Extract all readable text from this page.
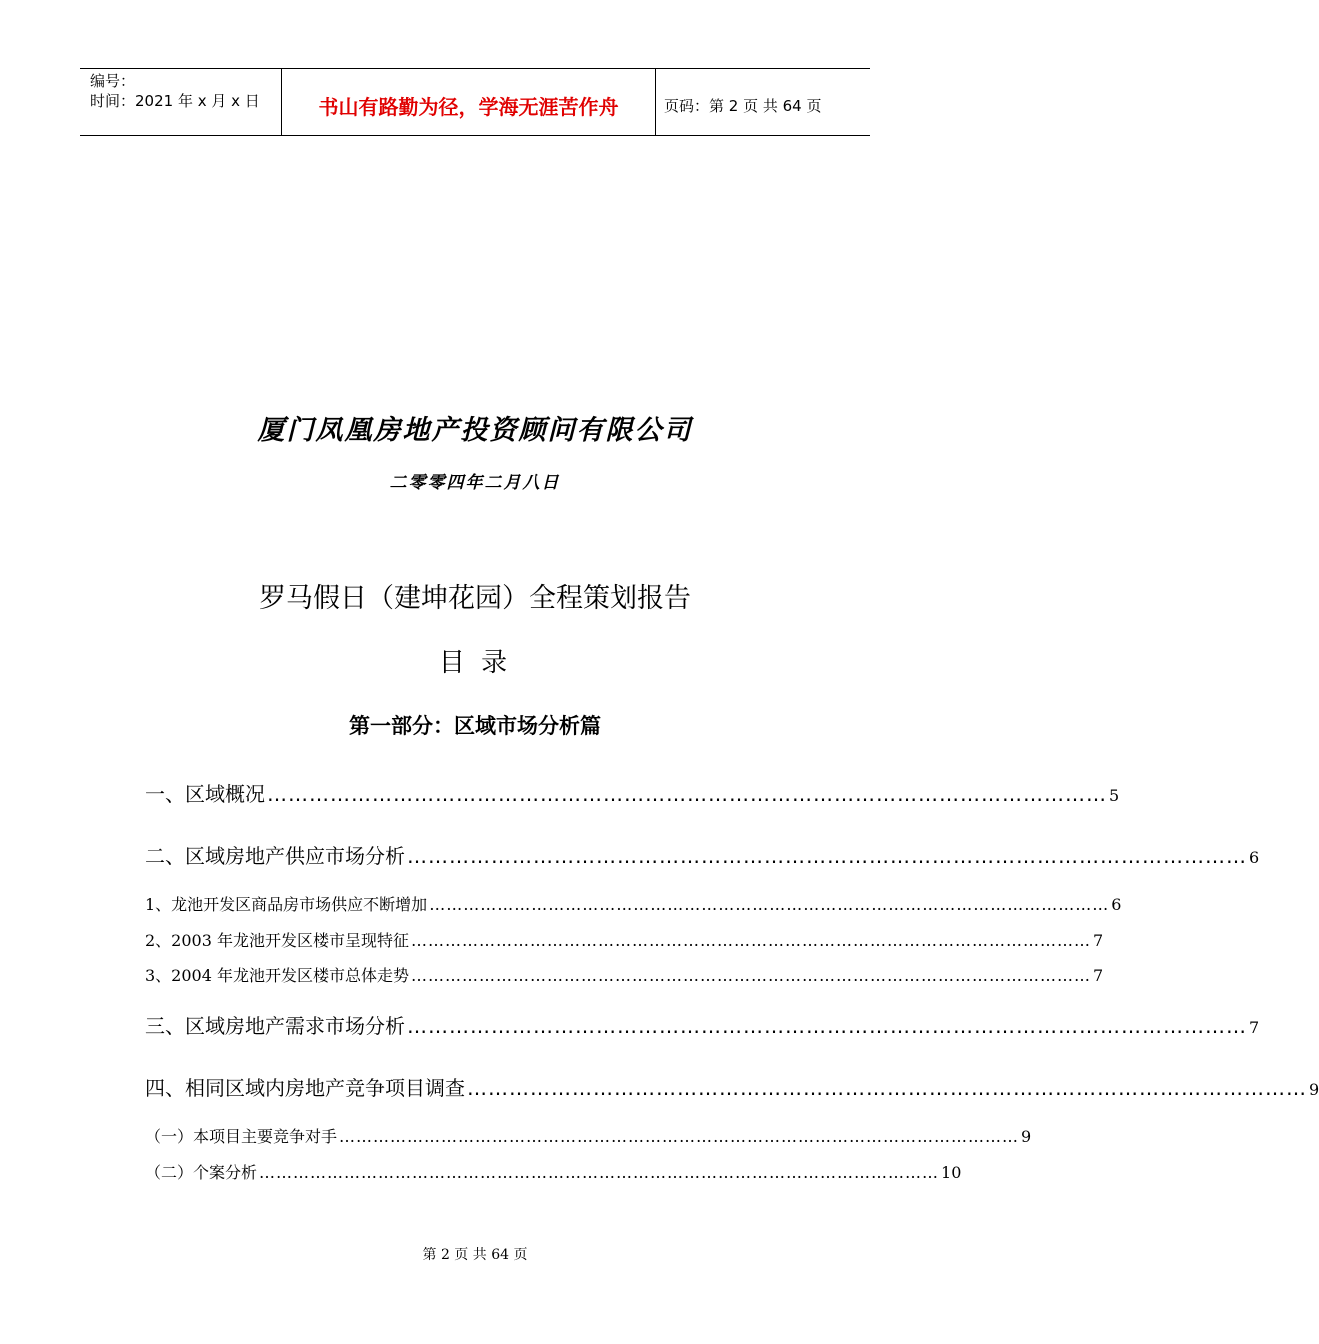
编号：
时间：2021 年 x 月 x 日	书山有路勤为径，学海无涯苦作舟	页码：第 2 页 共 64 页
厦门凤凰房地产投资顾问有限公司
二零零四年二月八日
罗马假日（建坤花园）全程策划报告
目 录
第一部分：区域市场分析篇
一、区域概况 ………………………………………………………………………………………………………… 5
二、区域房地产供应市场分析 ………………………………………………………………………………………………………… 6
1、龙池开发区商品房市场供应不断增加 ………………………………………………………………………………………………………… 6
2、2003 年龙池开发区楼市呈现特征 ………………………………………………………………………………………………………… 7
3、2004 年龙池开发区楼市总体走势 ………………………………………………………………………………………………………… 7
三、区域房地产需求市场分析 ………………………………………………………………………………………………………… 7
四、相同区域内房地产竞争项目调查 ………………………………………………………………………………………………………… 9
（一）本项目主要竞争对手 ………………………………………………………………………………………………………… 9
（二）个案分析 ………………………………………………………………………………………………………… 10
第 2 页 共 64 页
